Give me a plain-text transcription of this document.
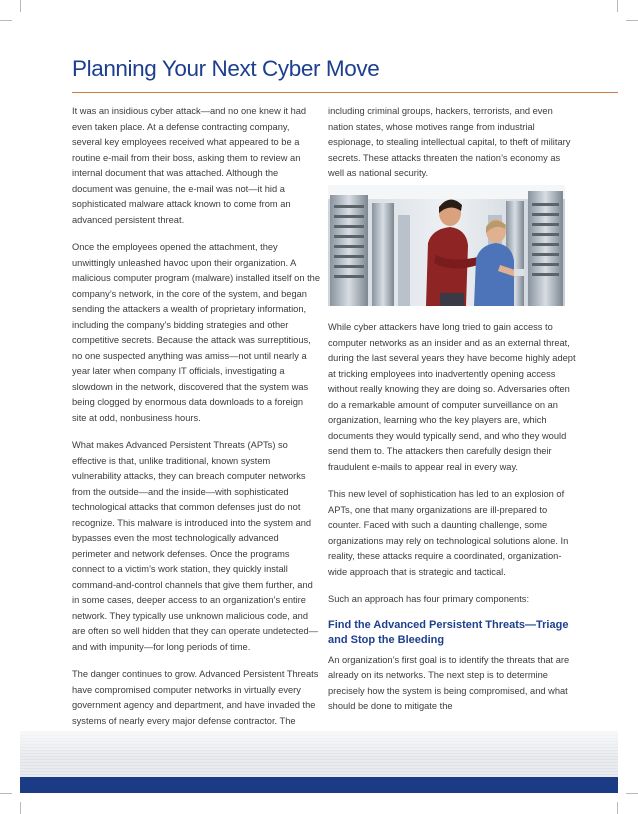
Planning Your Next Cyber Move

It was an insidious cyber attack—and no one knew it had even taken place. At a defense contracting company, several key employees received what appeared to be a routine e-mail from their boss, asking them to review an internal document that was attached. Although the document was genuine, the e-mail was not—it hid a sophisticated malware attack known to come from an advanced persistent threat.

Once the employees opened the attachment, they unwittingly unleashed havoc upon their organization. A malicious computer program (malware) installed itself on the company’s network, in the core of the system, and began sending the attackers a wealth of proprietary information, including the company’s bidding strategies and other competitive secrets. Because the attack was surreptitious, no one suspected anything was amiss—not until nearly a year later when company IT officials, investigating a slowdown in the network, discovered that the system was being clogged by enormous data downloads to a foreign site at odd, nonbusiness hours.

What makes Advanced Persistent Threats (APTs) so effective is that, unlike traditional, known system vulnerability attacks, they can breach computer networks from the outside—and the inside—with sophisticated technological attacks that common defenses just do not recognize. This malware is introduced into the system and bypasses even the most technologically advanced perimeter and network defenses. Once the programs connect to a victim’s work station, they quickly install command-and-control channels that give them further, and in some cases, deeper access to an organization’s entire network. They typically use unknown malicious code, and are often so well hidden that they can operate undetected—and with impunity—for long periods of time.

The danger continues to grow. Advanced Persistent Threats have compromised computer networks in virtually every government agency and department, and have invaded the systems of nearly every major defense contractor. The

including criminal groups, hackers, terrorists, and even nation states, whose motives range from industrial espionage, to stealing intellectual capital, to theft of military secrets. These attacks threaten the nation’s economy as well as national security.

While cyber attackers have long tried to gain access to computer networks as an insider and as an external threat, during the last several years they have become highly adept at tricking employees into inadvertently opening access without really knowing they are doing so. Adversaries often do a remarkable amount of computer surveillance on an organization, learning who the key players are, which documents they would typically send, and who they would send them to. The attackers then carefully design their fraudulent e-mails to appear real in every way.

This new level of sophistication has led to an explosion of APTs, one that many organizations are ill-prepared to counter. Faced with such a daunting challenge, some organizations may rely on technological solutions alone. In reality, these attacks require a coordinated, organization-wide approach that is strategic and tactical.

Such an approach has four primary components:

Find the Advanced Persistent Threats—Triage and Stop the Bleeding

An organization’s first goal is to identify the threats that are already on its networks. The next step is to determine precisely how the system is being compromised, and what should be done to mitigate the
